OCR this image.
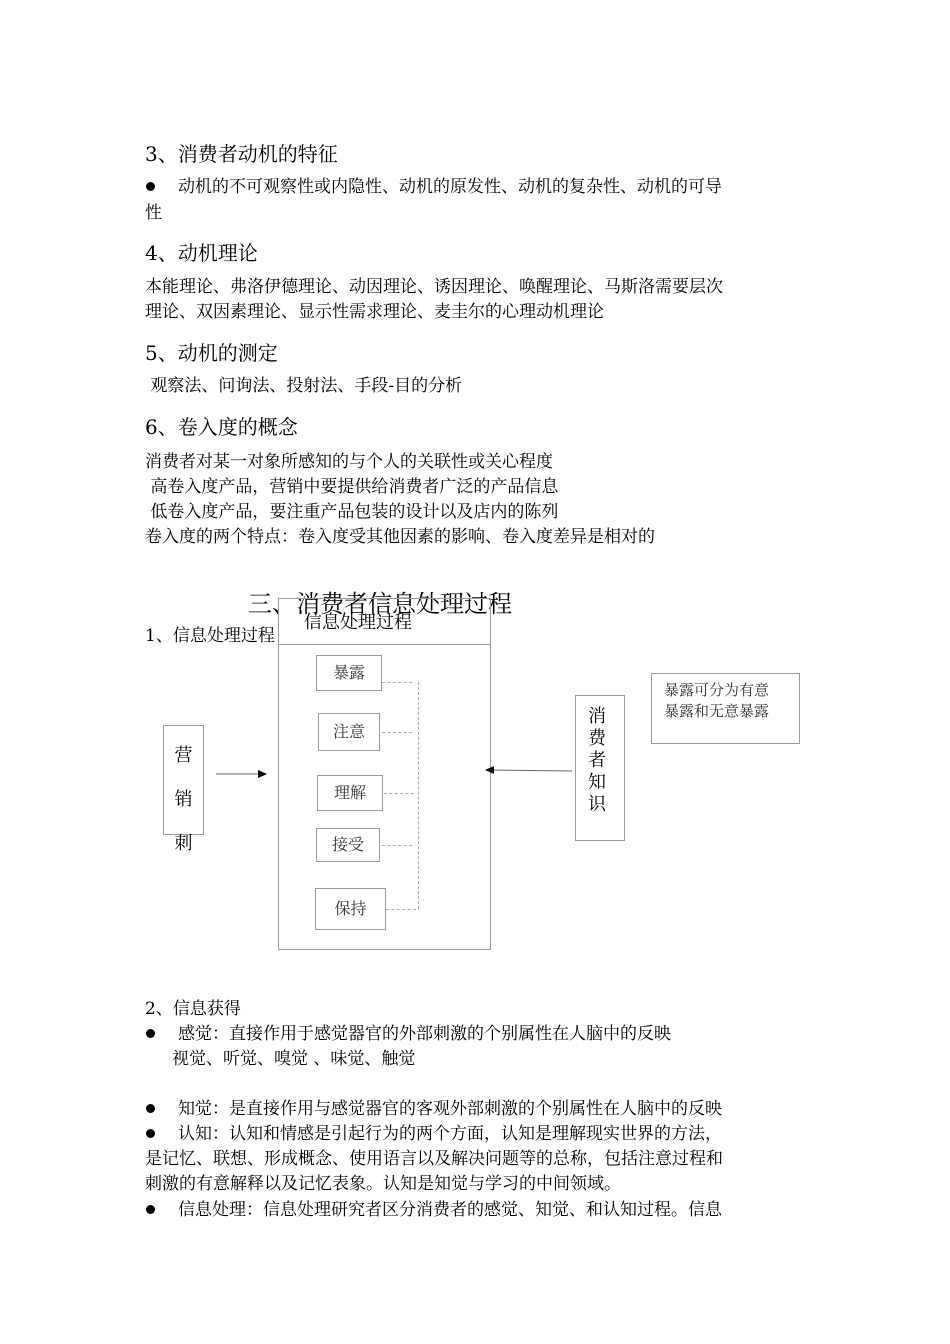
3、消费者动机的特征
动机的不可观察性或内隐性、动机的原发性、动机的复杂性、动机的可导
性
4、动机理论
本能理论、弗洛伊德理论、动因理论、诱因理论、唤醒理论、马斯洛需要层次
理论、双因素理论、显示性需求理论、麦圭尔的心理动机理论
5、动机的测定
观察法、问询法、投射法、手段-目的分析
6、卷入度的概念
消费者对某一对象所感知的与个人的关联性或关心程度
高卷入度产品，营销中要提供给消费者广泛的产品信息
低卷入度产品，要注重产品包装的设计以及店内的陈列
卷入度的两个特点：卷入度受其他因素的影响、卷入度差异是相对的
三、消费者信息处理过程
1、信息处理过程
信息处理过程
暴露
注意
理解
接受
保持
营
销
刺
消
费
者
知
识
暴露可分为有意
暴露和无意暴露
2、信息获得
感觉：直接作用于感觉器官的外部刺激的个别属性在人脑中的反映
视觉、听觉、嗅觉 、味觉、触觉
知觉：是直接作用与感觉器官的客观外部刺激的个别属性在人脑中的反映
认知：认知和情感是引起行为的两个方面，认知是理解现实世界的方法，
是记忆、联想、形成概念、使用语言以及解决问题等的总称，包括注意过程和
刺激的有意解释以及记忆表象。认知是知觉与学习的中间领域。
信息处理：信息处理研究者区分消费者的感觉、知觉、和认知过程。信息
